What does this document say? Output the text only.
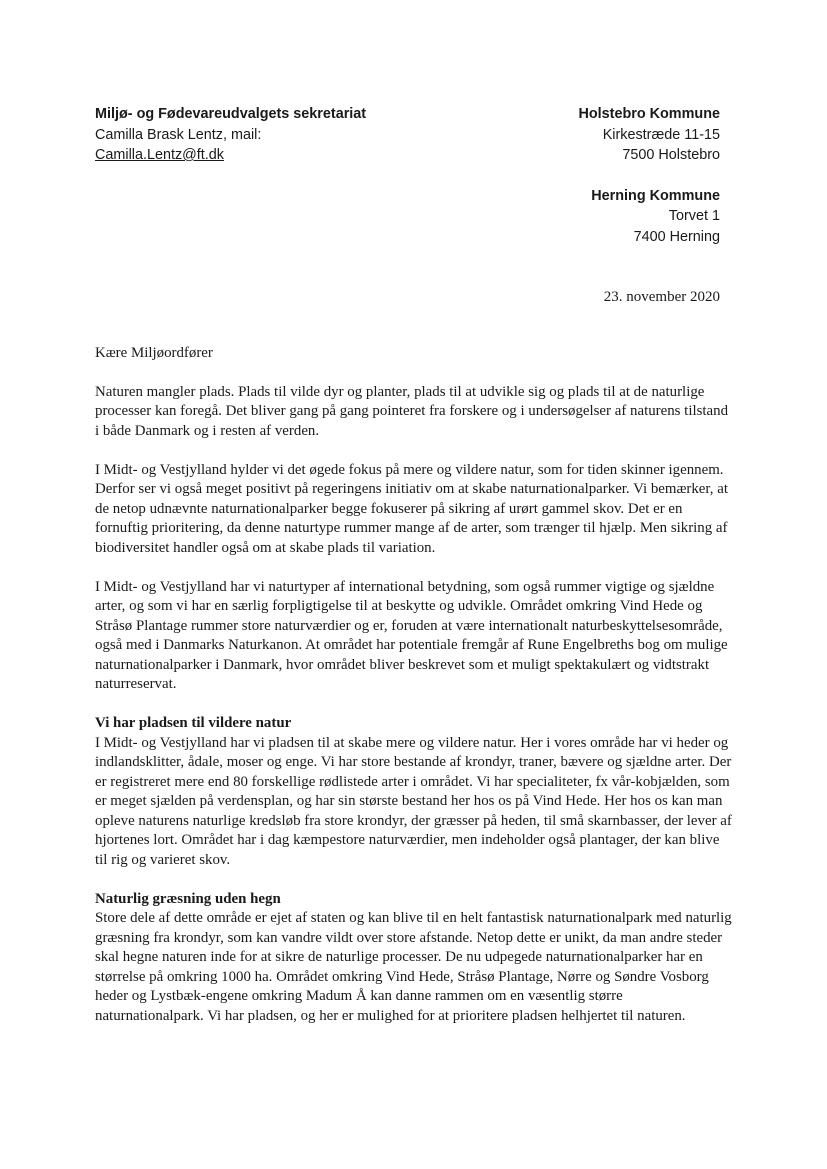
Miljø- og Fødevareudvalgets sekretariat
Camilla Brask Lentz, mail:
Camilla.Lentz@ft.dk
Holstebro Kommune
Kirkestræde 11-15
7500 Holstebro
Herning Kommune
Torvet 1
7400 Herning
23. november 2020

Kære Miljøordfører

Naturen mangler plads. Plads til vilde dyr og planter, plads til at udvikle sig og plads til at de naturlige processer kan foregå. Det bliver gang på gang pointeret fra forskere og i undersøgelser af naturens tilstand i både Danmark og i resten af verden.

I Midt- og Vestjylland hylder vi det øgede fokus på mere og vildere natur, som for tiden skinner igennem. Derfor ser vi også meget positivt på regeringens initiativ om at skabe naturnationalparker. Vi bemærker, at de netop udnævnte naturnationalparker begge fokuserer på sikring af urørt gammel skov. Det er en fornuftig prioritering, da denne naturtype rummer mange af de arter, som trænger til hjælp. Men sikring af biodiversitet handler også om at skabe plads til variation.

I Midt- og Vestjylland har vi naturtyper af international betydning, som også rummer vigtige og sjældne arter, og som vi har en særlig forpligtigelse til at beskytte og udvikle. Området omkring Vind Hede og Stråsø Plantage rummer store naturværdier og er, foruden at være internationalt naturbeskyttelsesområde, også med i Danmarks Naturkanon. At området har potentiale fremgår af Rune Engelbreths bog om mulige naturnationalparker i Danmark, hvor området bliver beskrevet som et muligt spektakulært og vidtstrakt naturreservat.

Vi har pladsen til vildere natur

I Midt- og Vestjylland har vi pladsen til at skabe mere og vildere natur. Her i vores område har vi heder og indlandsklitter, ådale, moser og enge. Vi har store bestande af krondyr, traner, bævere og sjældne arter. Der er registreret mere end 80 forskellige rødlistede arter i området. Vi har specialiteter, fx vår-kobjælden, som er meget sjælden på verdensplan, og har sin største bestand her hos os på Vind Hede. Her hos os kan man opleve naturens naturlige kredsløb fra store krondyr, der græsser på heden, til små skarnbasser, der lever af hjortenes lort. Området har i dag kæmpestore naturværdier, men indeholder også plantager, der kan blive til rig og varieret skov.

Naturlig græsning uden hegn

Store dele af dette område er ejet af staten og kan blive til en helt fantastisk naturnationalpark med naturlig græsning fra krondyr, som kan vandre vildt over store afstande. Netop dette er unikt, da man andre steder skal hegne naturen inde for at sikre de naturlige processer. De nu udpegede naturnationalparker har en størrelse på omkring 1000 ha. Området omkring Vind Hede, Stråsø Plantage, Nørre og Søndre Vosborg heder og Lystbæk-engene omkring Madum Å kan danne rammen om en væsentlig større naturnationalpark. Vi har pladsen, og her er mulighed for at prioritere pladsen helhjertet til naturen.
